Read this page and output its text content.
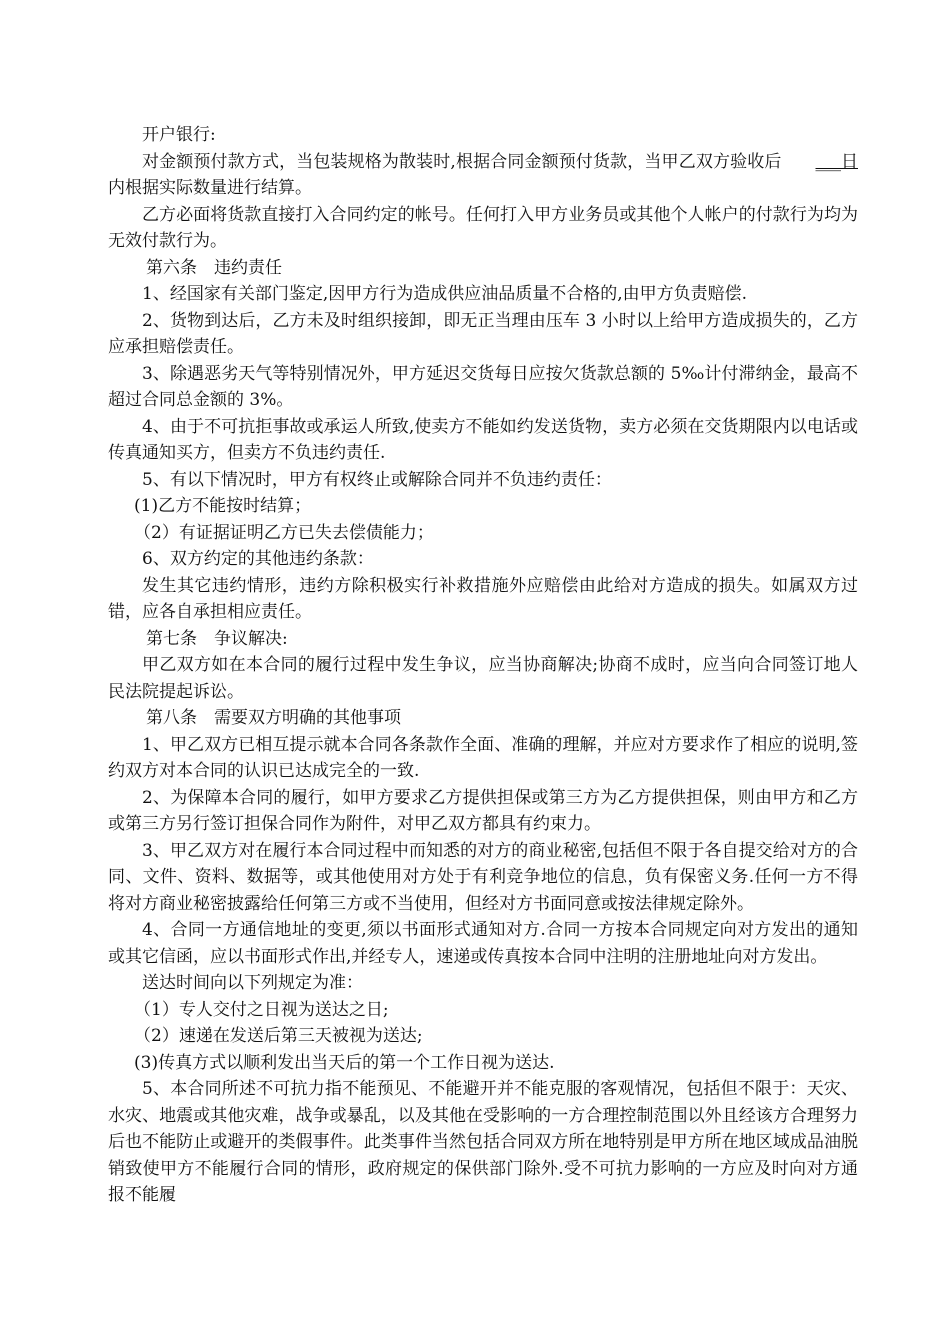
开户银行:

对金额预付款方式，当包装规格为散装时,根据合同金额预付货款，当甲乙双方验收后 ___日内根据实际数量进行结算。

乙方必面将货款直接打入合同约定的帐号。任何打入甲方业务员或其他个人帐户的付款行为均为无效付款行为。

第六条　违约责任

1、经国家有关部门鉴定,因甲方行为造成供应油品质量不合格的,由甲方负责赔偿.

2、货物到达后，乙方未及时组织接卸，即无正当理由压车 3 小时以上给甲方造成损失的，乙方应承担赔偿责任。

3、除遇恶劣天气等特别情况外，甲方延迟交货每日应按欠货款总额的 5‰计付滞纳金，最高不超过合同总金额的 3%。

4、由于不可抗拒事故或承运人所致,使卖方不能如约发送货物，卖方必须在交货期限内以电话或传真通知买方，但卖方不负违约责任.

5、有以下情况时，甲方有权终止或解除合同并不负违约责任：

(1)乙方不能按时结算；

（2）有证据证明乙方已失去偿债能力；

6、双方约定的其他违约条款：

发生其它违约情形，违约方除积极实行补救措施外应赔偿由此给对方造成的损失。如属双方过错，应各自承担相应责任。

第七条　争议解决:

甲乙双方如在本合同的履行过程中发生争议，应当协商解决;协商不成时，应当向合同签订地人民法院提起诉讼。

第八条　需要双方明确的其他事项

1、甲乙双方已相互提示就本合同各条款作全面、准确的理解，并应对方要求作了相应的说明,签约双方对本合同的认识已达成完全的一致.

2、为保障本合同的履行，如甲方要求乙方提供担保或第三方为乙方提供担保，则由甲方和乙方或第三方另行签订担保合同作为附件，对甲乙双方都具有约束力。

3、甲乙双方对在履行本合同过程中而知悉的对方的商业秘密,包括但不限于各自提交给对方的合同、文件、资料、数据等，或其他使用对方处于有利竞争地位的信息，负有保密义务.任何一方不得将对方商业秘密披露给任何第三方或不当使用，但经对方书面同意或按法律规定除外。

4、合同一方通信地址的变更,须以书面形式通知对方.合同一方按本合同规定向对方发出的通知或其它信函，应以书面形式作出,并经专人，速递或传真按本合同中注明的注册地址向对方发出。

送达时间向以下列规定为准：

（1）专人交付之日视为送达之日;

（2）速递在发送后第三天被视为送达;

(3)传真方式以顺利发出当天后的第一个工作日视为送达.

5、本合同所述不可抗力指不能预见、不能避开并不能克服的客观情况，包括但不限于：天灾、水灾、地震或其他灾难，战争或暴乱，以及其他在受影响的一方合理控制范围以外且经该方合理努力后也不能防止或避开的类假事件。此类事件当然包括合同双方所在地特别是甲方所在地区域成品油脱销致使甲方不能履行合同的情形，政府规定的保供部门除外.受不可抗力影响的一方应及时向对方通报不能履
